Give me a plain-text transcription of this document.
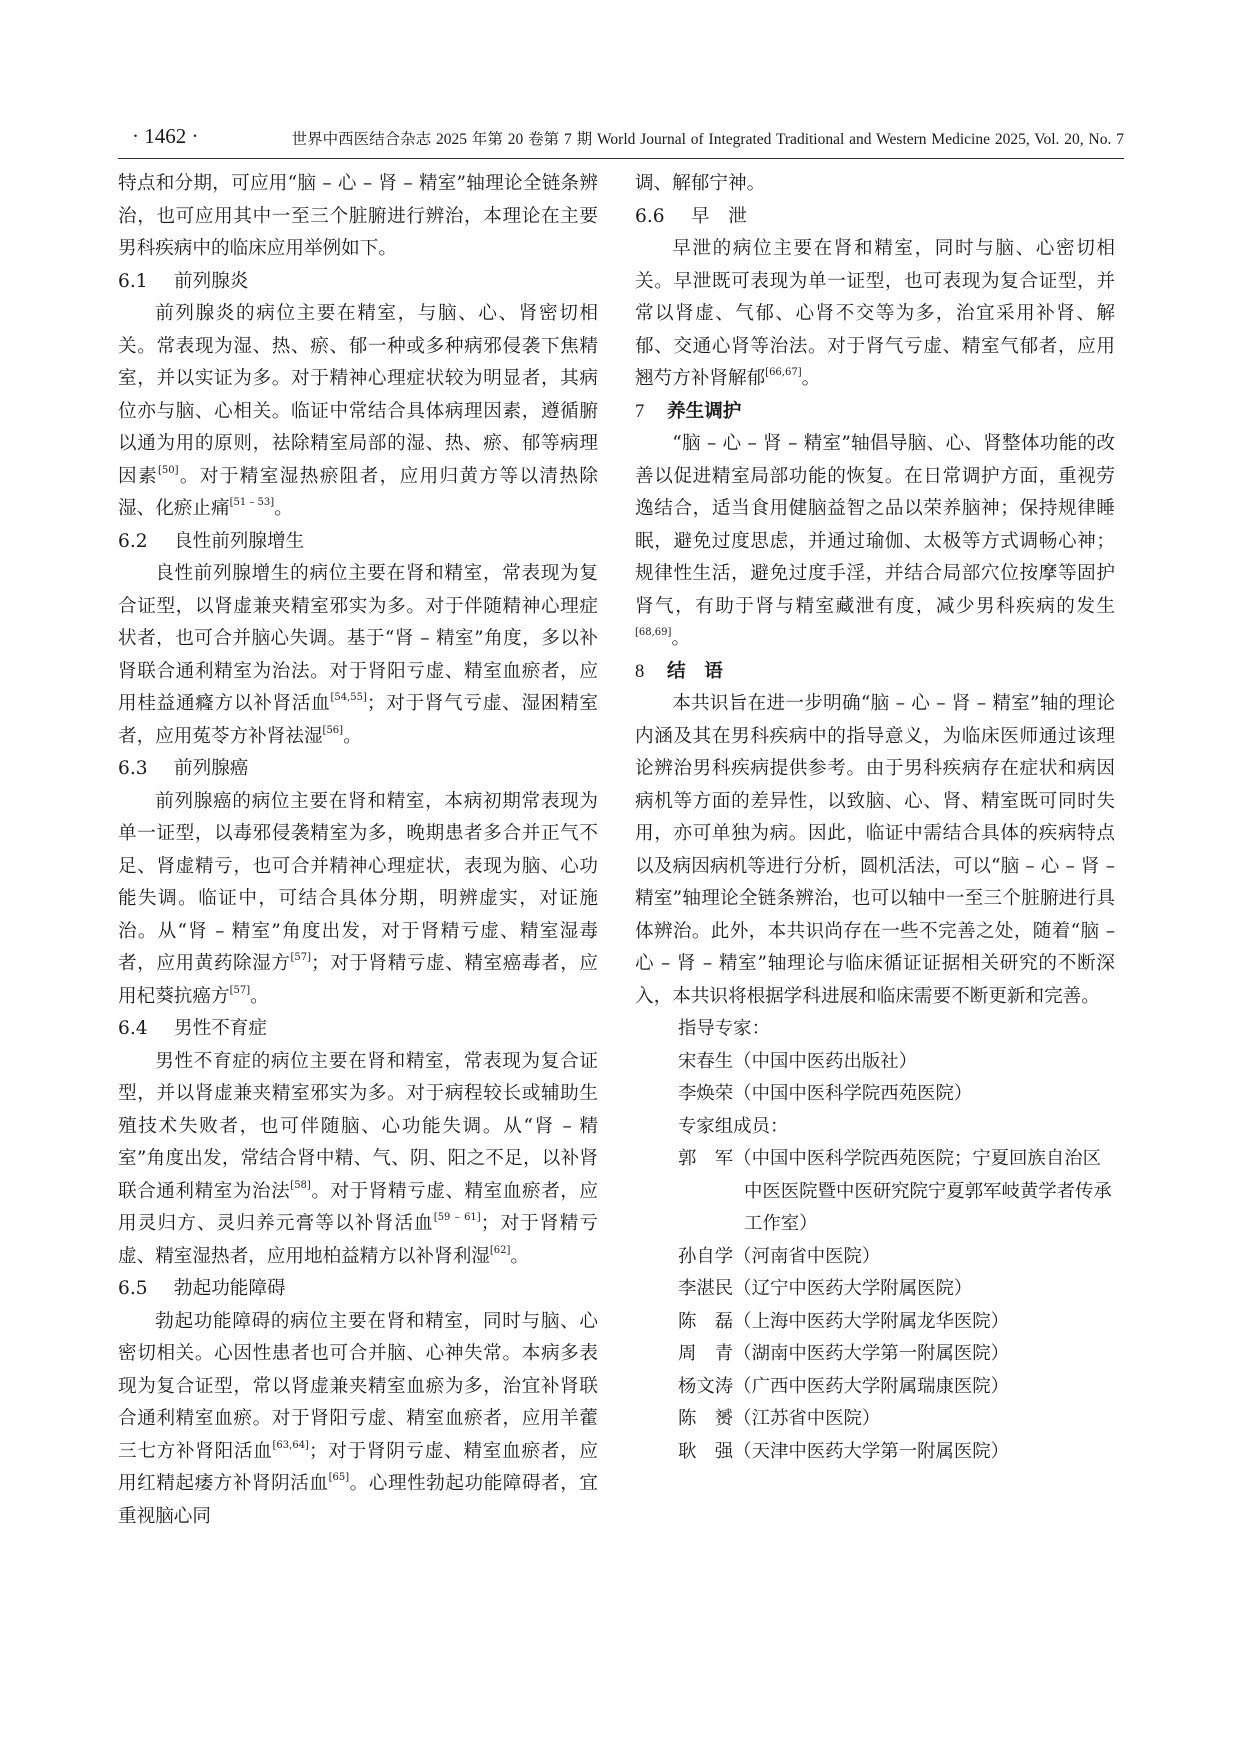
· 1462 ·	世界中西医结合杂志 2025 年第 20 卷第 7 期 World Journal of Integrated Traditional and Western Medicine 2025, Vol. 20, No. 7

特点和分期，可应用“脑 – 心 – 肾 – 精室”轴理论全链条辨治，也可应用其中一至三个脏腑进行辨治，本理论在主要男科疾病中的临床应用举例如下。

6.1 前列腺炎

前列腺炎的病位主要在精室，与脑、心、肾密切相关。常表现为湿、热、瘀、郁一种或多种病邪侵袭下焦精室，并以实证为多。对于精神心理症状较为明显者，其病位亦与脑、心相关。临证中常结合具体病理因素，遵循腑以通为用的原则，祛除精室局部的湿、热、瘀、郁等病理因素[50]。对于精室湿热瘀阻者，应用归黄方等以清热除湿、化瘀止痛[51 – 53]。

6.2 良性前列腺增生

良性前列腺增生的病位主要在肾和精室，常表现为复合证型，以肾虚兼夹精室邪实为多。对于伴随精神心理症状者，也可合并脑心失调。基于“肾 – 精室”角度，多以补肾联合通利精室为治法。对于肾阳亏虚、精室血瘀者，应用桂益通癃方以补肾活血[54,55]；对于肾气亏虚、湿困精室者，应用菟苓方补肾祛湿[56]。

6.3 前列腺癌

前列腺癌的病位主要在肾和精室，本病初期常表现为单一证型，以毒邪侵袭精室为多，晚期患者多合并正气不足、肾虚精亏，也可合并精神心理症状，表现为脑、心功能失调。临证中，可结合具体分期，明辨虚实，对证施治。从“肾 – 精室”角度出发，对于肾精亏虚、精室湿毒者，应用黄药除湿方[57]；对于肾精亏虚、精室癌毒者，应用杞葵抗癌方[57]。

6.4 男性不育症

男性不育症的病位主要在肾和精室，常表现为复合证型，并以肾虚兼夹精室邪实为多。对于病程较长或辅助生殖技术失败者，也可伴随脑、心功能失调。从“肾 – 精室”角度出发，常结合肾中精、气、阴、阳之不足，以补肾联合通利精室为治法[58]。对于肾精亏虚、精室血瘀者，应用灵归方、灵归养元膏等以补肾活血[59 – 61]；对于肾精亏虚、精室湿热者，应用地柏益精方以补肾利湿[62]。

6.5 勃起功能障碍

勃起功能障碍的病位主要在肾和精室，同时与脑、心密切相关。心因性患者也可合并脑、心神失常。本病多表现为复合证型，常以肾虚兼夹精室血瘀为多，治宜补肾联合通利精室血瘀。对于肾阳亏虚、精室血瘀者，应用羊藿三七方补肾阳活血[63,64]；对于肾阴亏虚、精室血瘀者，应用红精起痿方补肾阴活血[65]。心理性勃起功能障碍者，宜重视脑心同

调、解郁宁神。

6.6 早　泄

早泄的病位主要在肾和精室，同时与脑、心密切相关。早泄既可表现为单一证型，也可表现为复合证型，并常以肾虚、气郁、心肾不交等为多，治宜采用补肾、解郁、交通心肾等治法。对于肾气亏虚、精室气郁者，应用翘芍方补肾解郁[66,67]。

7 养生调护

“脑 – 心 – 肾 – 精室”轴倡导脑、心、肾整体功能的改善以促进精室局部功能的恢复。在日常调护方面，重视劳逸结合，适当食用健脑益智之品以荣养脑神；保持规律睡眠，避免过度思虑，并通过瑜伽、太极等方式调畅心神；规律性生活，避免过度手淫，并结合局部穴位按摩等固护肾气，有助于肾与精室藏泄有度，减少男科疾病的发生[68,69]。

8 结　语

本共识旨在进一步明确“脑 – 心 – 肾 – 精室”轴的理论内涵及其在男科疾病中的指导意义，为临床医师通过该理论辨治男科疾病提供参考。由于男科疾病存在症状和病因病机等方面的差异性，以致脑、心、肾、精室既可同时失用，亦可单独为病。因此，临证中需结合具体的疾病特点以及病因病机等进行分析，圆机活法，可以“脑 – 心 – 肾 – 精室”轴理论全链条辨治，也可以轴中一至三个脏腑进行具体辨治。此外，本共识尚存在一些不完善之处，随着“脑 – 心 – 肾 – 精室”轴理论与临床循证证据相关研究的不断深入，本共识将根据学科进展和临床需要不断更新和完善。

指导专家：
宋春生（中国中医药出版社）
李焕荣（中国中医科学院西苑医院）
专家组成员：
郭　军（中国中医科学院西苑医院；宁夏回族自治区中医医院暨中医研究院宁夏郭军岐黄学者传承工作室）
孙自学（河南省中医院）
李湛民（辽宁中医药大学附属医院）
陈　磊（上海中医药大学附属龙华医院）
周　青（湖南中医药大学第一附属医院）
杨文涛（广西中医药大学附属瑞康医院）
陈　赟（江苏省中医院）
耿　强（天津中医药大学第一附属医院）
